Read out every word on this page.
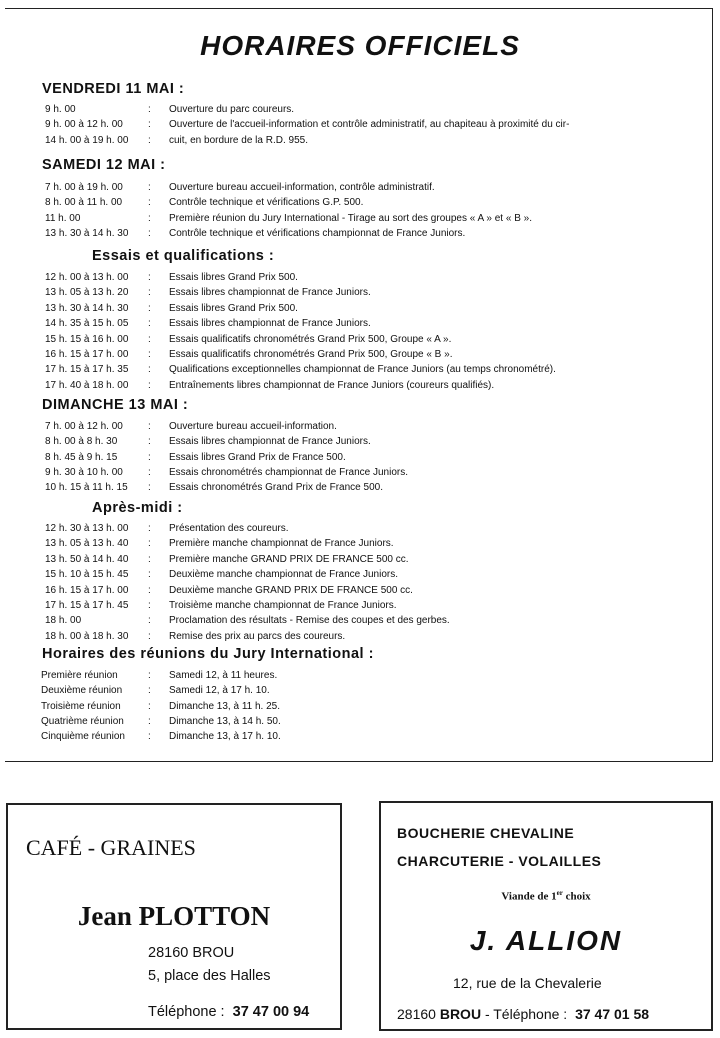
HORAIRES OFFICIELS
VENDREDI 11 MAI :
9 h. 00	: Ouverture du parc coureurs.
9 h. 00 à 12 h. 00	: Ouverture de l'accueil-information et contrôle administratif, au chapiteau à proximité du cir-
14 h. 00 à 19 h. 00	: cuit, en bordure de la R.D. 955.
SAMEDI 12 MAI :
7 h. 00 à 19 h. 00	: Ouverture bureau accueil-information, contrôle administratif.
8 h. 00 à 11 h. 00	: Contrôle technique et vérifications G.P. 500.
11 h. 00	: Première réunion du Jury International - Tirage au sort des groupes « A » et « B ».
13 h. 30 à 14 h. 30	: Contrôle technique et vérifications championnat de France Juniors.
Essais et qualifications :
12 h. 00 à 13 h. 00	: Essais libres Grand Prix 500.
13 h. 05 à 13 h. 20	: Essais libres championnat de France Juniors.
13 h. 30 à 14 h. 30	: Essais libres Grand Prix 500.
14 h. 35 à 15 h. 05	: Essais libres championnat de France Juniors.
15 h. 15 à 16 h. 00	: Essais qualificatifs chronométrés Grand Prix 500, Groupe « A ».
16 h. 15 à 17 h. 00	: Essais qualificatifs chronométrés Grand Prix 500, Groupe « B ».
17 h. 15 à 17 h. 35	: Qualifications exceptionnelles championnat de France Juniors (au temps chronométré).
17 h. 40 à 18 h. 00	: Entraînements libres championnat de France Juniors (coureurs qualifiés).
DIMANCHE 13 MAI :
7 h. 00 à 12 h. 00	: Ouverture bureau accueil-information.
8 h. 00 à 8 h. 30	: Essais libres championnat de France Juniors.
8 h. 45 à 9 h. 15	: Essais libres Grand Prix de France 500.
9 h. 30 à 10 h. 00	: Essais chronométrés championnat de France Juniors.
10 h. 15 à 11 h. 15	: Essais chronométrés Grand Prix de France 500.
Après-midi :
12 h. 30 à 13 h. 00	: Présentation des coureurs.
13 h. 05 à 13 h. 40	: Première manche championnat de France Juniors.
13 h. 50 à 14 h. 40	: Première manche GRAND PRIX DE FRANCE 500 cc.
15 h. 10 à 15 h. 45	: Deuxième manche championnat de France Juniors.
16 h. 15 à 17 h. 00	: Deuxième manche GRAND PRIX DE FRANCE 500 cc.
17 h. 15 à 17 h. 45	: Troisième manche championnat de France Juniors.
18 h. 00	: Proclamation des résultats - Remise des coupes et des gerbes.
18 h. 00 à 18 h. 30	: Remise des prix au parcs des coureurs.
Horaires des réunions du Jury International :
Première réunion	: Samedi 12, à 11 heures.
Deuxième réunion	: Samedi 12, à 17 h. 10.
Troisième réunion	: Dimanche 13, à 11 h. 25.
Quatrième réunion	: Dimanche 13, à 14 h. 50.
Cinquième réunion	: Dimanche 13, à 17 h. 10.
CAFÉ - GRAINES
Jean PLOTTON
28160 BROU
5, place des Halles
Téléphone : 37 47 00 94
BOUCHERIE CHEVALINE
CHARCUTERIE - VOLAILLES
Viande de 1er choix
J. ALLION
12, rue de la Chevalerie
28160 BROU - Téléphone : 37 47 01 58
